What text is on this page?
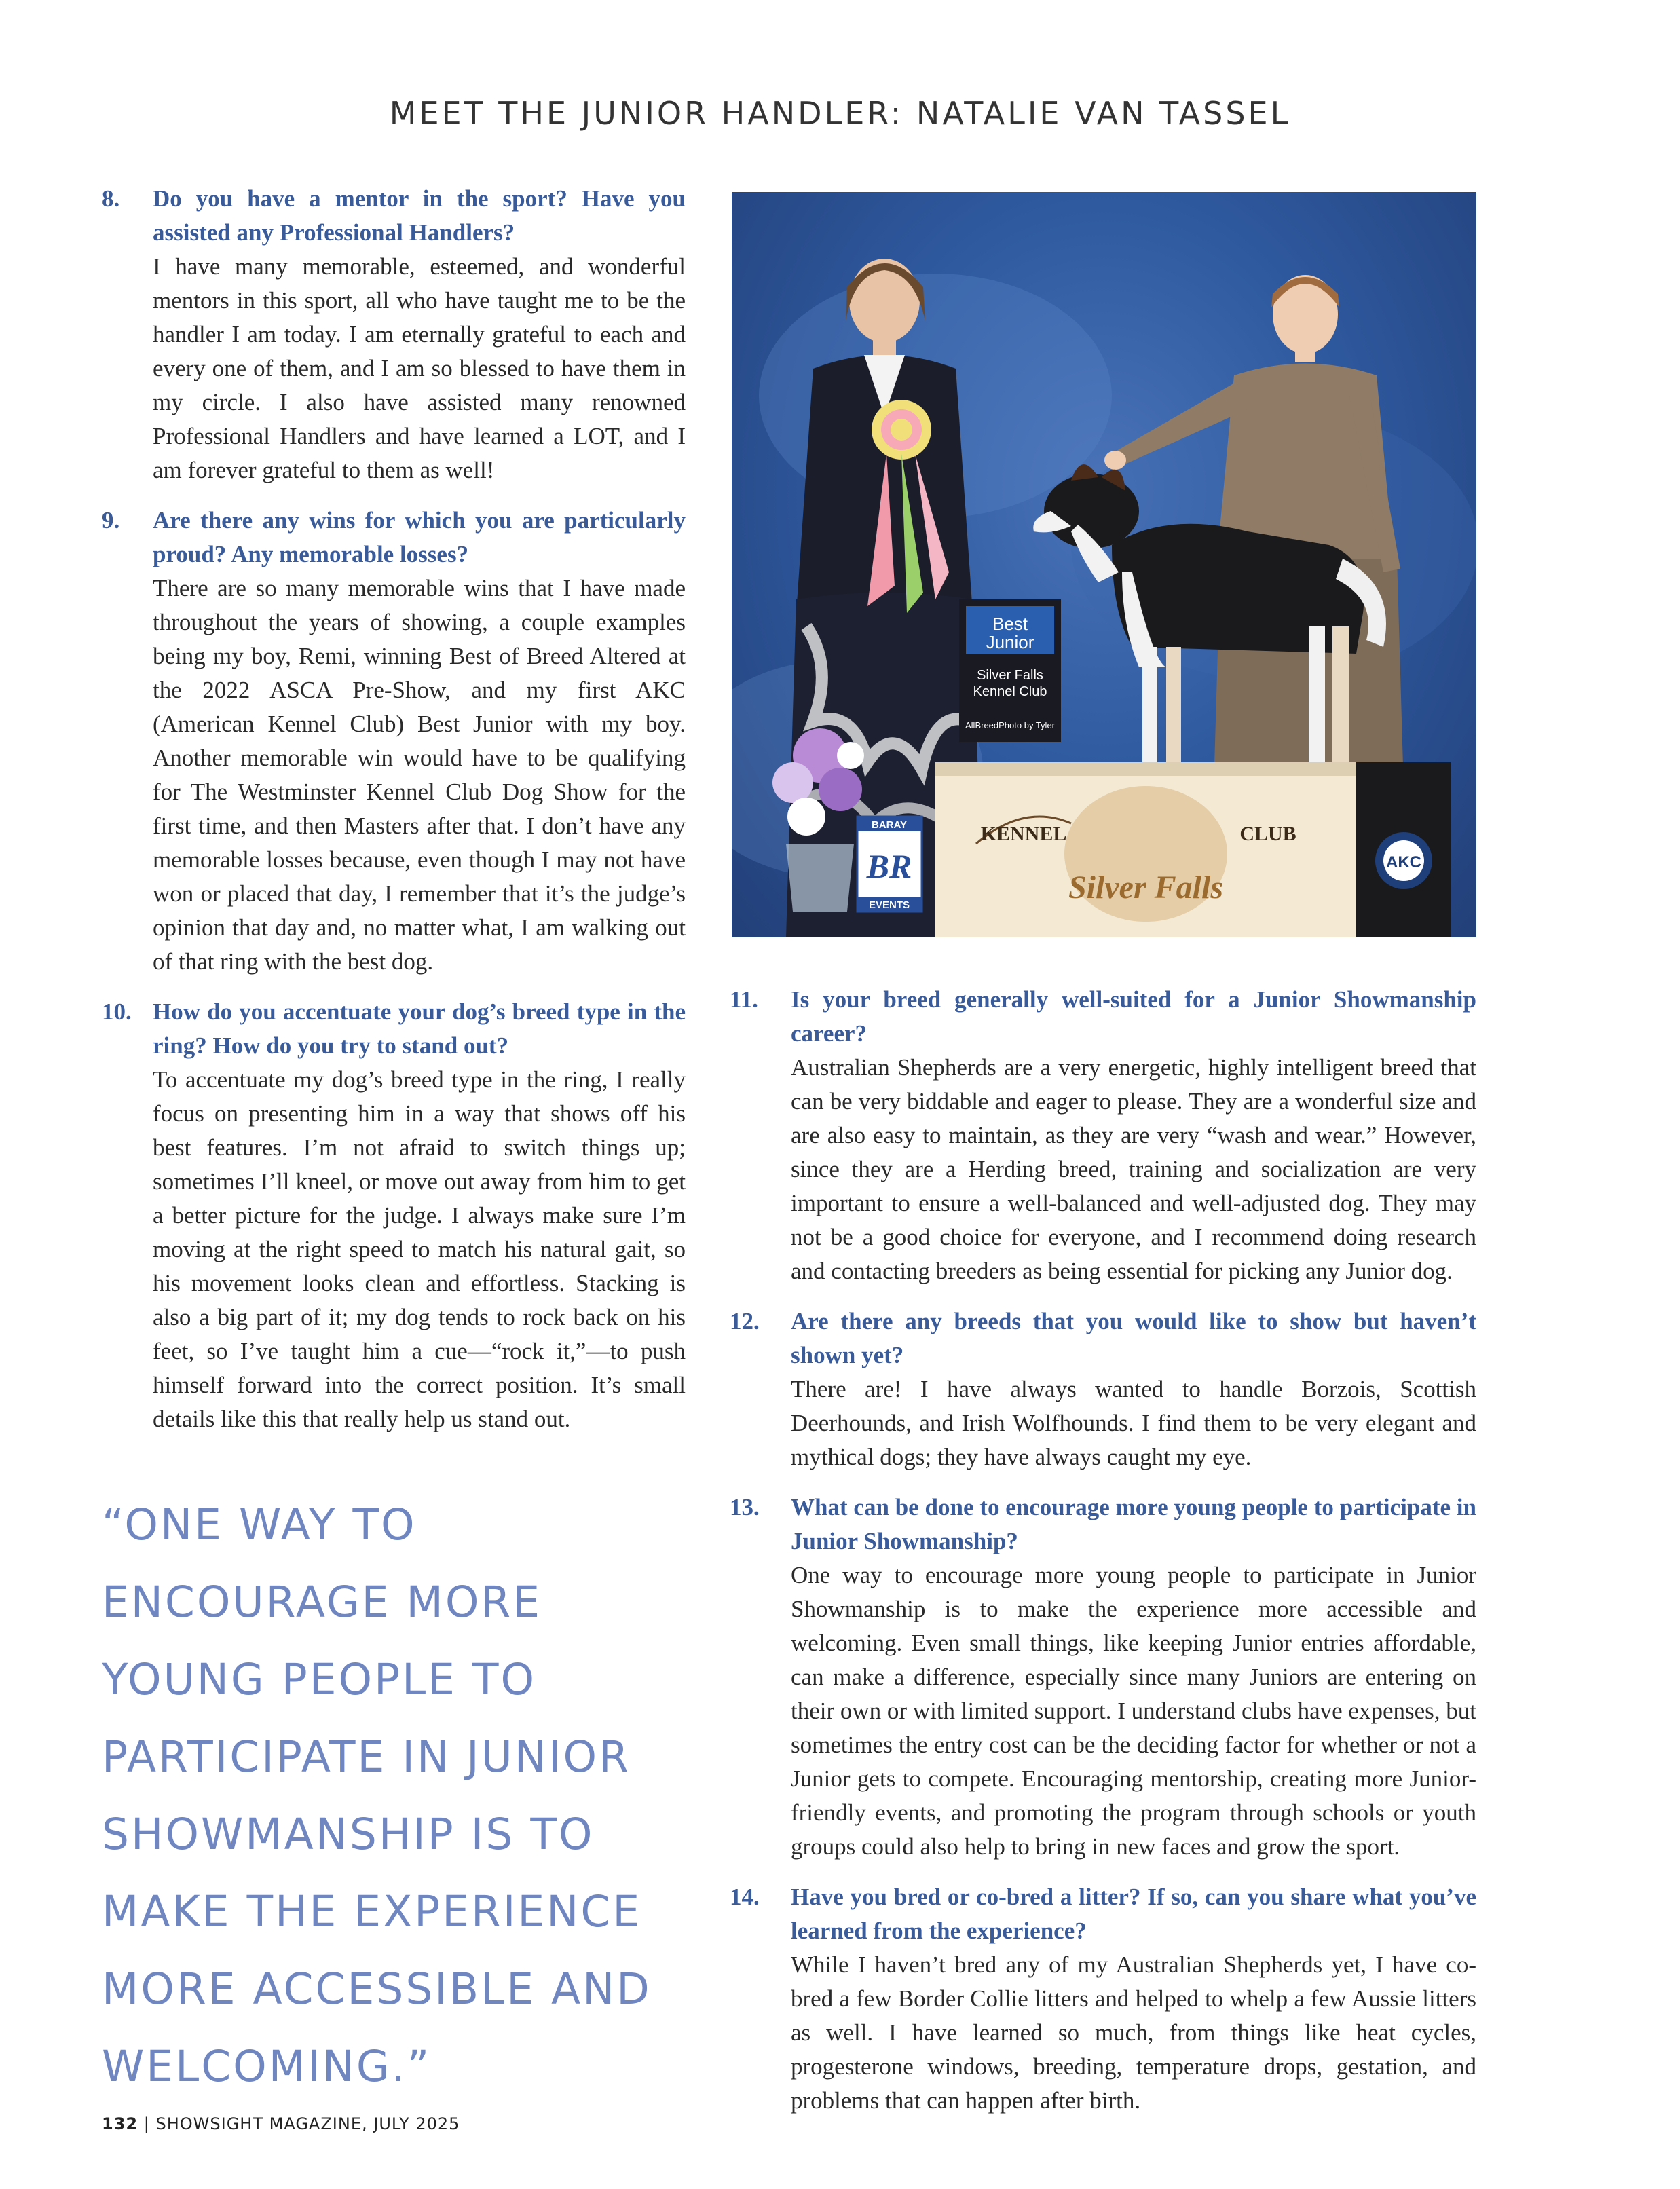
MEET THE JUNIOR HANDLER: NATALIE VAN TASSEL
8. Do you have a mentor in the sport? Have you assisted any Professional Handlers?
I have many memorable, esteemed, and wonderful mentors in this sport, all who have taught me to be the handler I am today. I am eternally grateful to each and every one of them, and I am so blessed to have them in my circle. I also have assisted many renowned Professional Handlers and have learned a LOT, and I am forever grateful to them as well!
9. Are there any wins for which you are particularly proud? Any memorable losses?
There are so many memorable wins that I have made throughout the years of showing, a couple examples being my boy, Remi, winning Best of Breed Altered at the 2022 ASCA Pre-Show, and my first AKC (American Kennel Club) Best Junior with my boy. Another memorable win would have to be qualifying for The Westminster Kennel Club Dog Show for the first time, and then Masters after that. I don’t have any memorable losses because, even though I may not have won or placed that day, I remember that it’s the judge’s opinion that day and, no matter what, I am walking out of that ring with the best dog.
10. How do you accentuate your dog’s breed type in the ring? How do you try to stand out?
To accentuate my dog’s breed type in the ring, I really focus on presenting him in a way that shows off his best features. I’m not afraid to switch things up; sometimes I’ll kneel, or move out away from him to get a better picture for the judge. I always make sure I’m moving at the right speed to match his natural gait, so his movement looks clean and effortless. Stacking is also a big part of it; my dog tends to rock back on his feet, so I’ve taught him a cue—“rock it,”—to push himself forward into the correct position. It’s small details like this that really help us stand out.
“ONE WAY TO ENCOURAGE MORE YOUNG PEOPLE TO PARTICIPATE IN JUNIOR SHOWMANSHIP IS TO MAKE THE EXPERIENCE MORE ACCESSIBLE AND WELCOMING.”
Best
Junior
Silver Falls
Kennel Club
AllBreedPhoto by Tyler
AKC
KENNEL	CLUB
Silver Falls
BARAY
BR
EVENTS
11. Is your breed generally well-suited for a Junior Showmanship career?
Australian Shepherds are a very energetic, highly intelligent breed that can be very biddable and eager to please. They are a wonderful size and are also easy to maintain, as they are very “wash and wear.” However, since they are a Herding breed, training and socialization are very important to ensure a well-balanced and well-adjusted dog. They may not be a good choice for everyone, and I recommend doing research and contacting breeders as being essential for picking any Junior dog.
12. Are there any breeds that you would like to show but haven’t shown yet?
There are! I have always wanted to handle Borzois, Scottish Deerhounds, and Irish Wolfhounds. I find them to be very elegant and mythical dogs; they have always caught my eye.
13. What can be done to encourage more young people to participate in Junior Showmanship?
One way to encourage more young people to participate in Junior Showmanship is to make the experience more accessible and welcoming. Even small things, like keeping Junior entries affordable, can make a difference, especially since many Juniors are entering on their own or with limited support. I understand clubs have expenses, but sometimes the entry cost can be the deciding factor for whether or not a Junior gets to compete. Encouraging mentorship, creating more Junior-friendly events, and promoting the program through schools or youth groups could also help to bring in new faces and grow the sport.
14. Have you bred or co-bred a litter? If so, can you share what you’ve learned from the experience?
While I haven’t bred any of my Australian Shepherds yet, I have co-bred a few Border Collie litters and helped to whelp a few Aussie litters as well. I have learned so much, from things like heat cycles, progesterone windows, breeding, temperature drops, gestation, and problems that can happen after birth.
132 | SHOWSIGHT MAGAZINE, JULY 2025
